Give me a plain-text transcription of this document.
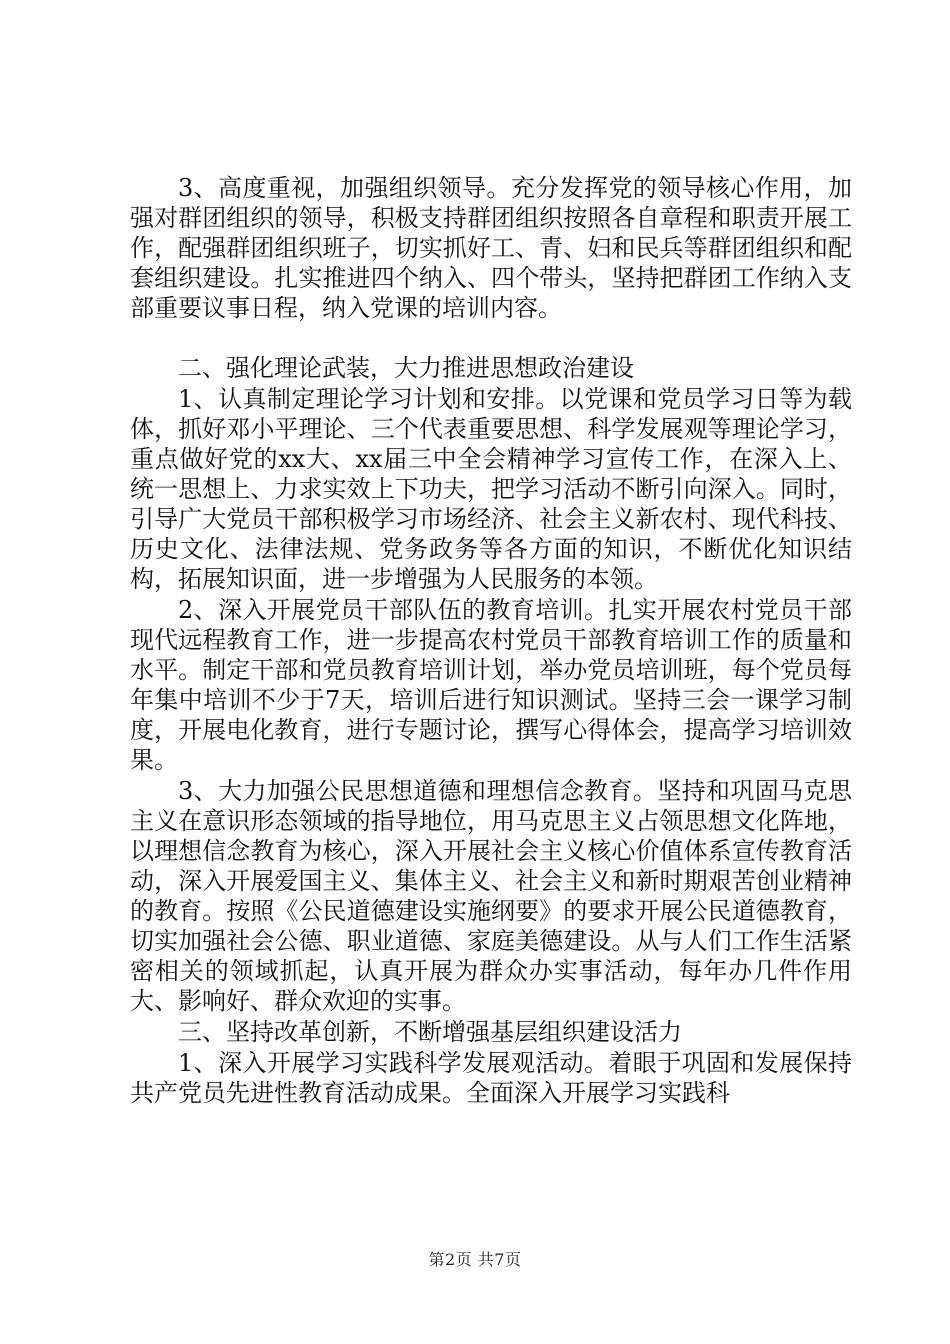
3、高度重视，加强组织领导。充分发挥党的领导核心作用，加强对群团组织的领导，积极支持群团组织按照各自章程和职责开展工作，配强群团组织班子，切实抓好工、青、妇和民兵等群团组织和配套组织建设。扎实推进四个纳入、四个带头，坚持把群团工作纳入支部重要议事日程，纳入党课的培训内容。

二、强化理论武装，大力推进思想政治建设

1、认真制定理论学习计划和安排。以党课和党员学习日等为载体，抓好邓小平理论、三个代表重要思想、科学发展观等理论学习，重点做好党的xx大、xx届三中全会精神学习宣传工作，在深入上、统一思想上、力求实效上下功夫，把学习活动不断引向深入。同时，引导广大党员干部积极学习市场经济、社会主义新农村、现代科技、历史文化、法律法规、党务政务等各方面的知识，不断优化知识结构，拓展知识面，进一步增强为人民服务的本领。

2、深入开展党员干部队伍的教育培训。扎实开展农村党员干部现代远程教育工作，进一步提高农村党员干部教育培训工作的质量和水平。制定干部和党员教育培训计划，举办党员培训班，每个党员每年集中培训不少于7天，培训后进行知识测试。坚持三会一课学习制度，开展电化教育，进行专题讨论，撰写心得体会，提高学习培训效果。

3、大力加强公民思想道德和理想信念教育。坚持和巩固马克思主义在意识形态领域的指导地位，用马克思主义占领思想文化阵地，以理想信念教育为核心，深入开展社会主义核心价值体系宣传教育活动，深入开展爱国主义、集体主义、社会主义和新时期艰苦创业精神的教育。按照《公民道德建设实施纲要》的要求开展公民道德教育，切实加强社会公德、职业道德、家庭美德建设。从与人们工作生活紧密相关的领域抓起，认真开展为群众办实事活动，每年办几件作用大、影响好、群众欢迎的实事。

三、坚持改革创新，不断增强基层组织建设活力

1、深入开展学习实践科学发展观活动。着眼于巩固和发展保持共产党员先进性教育活动成果。全面深入开展学习实践科

第2页 共7页
